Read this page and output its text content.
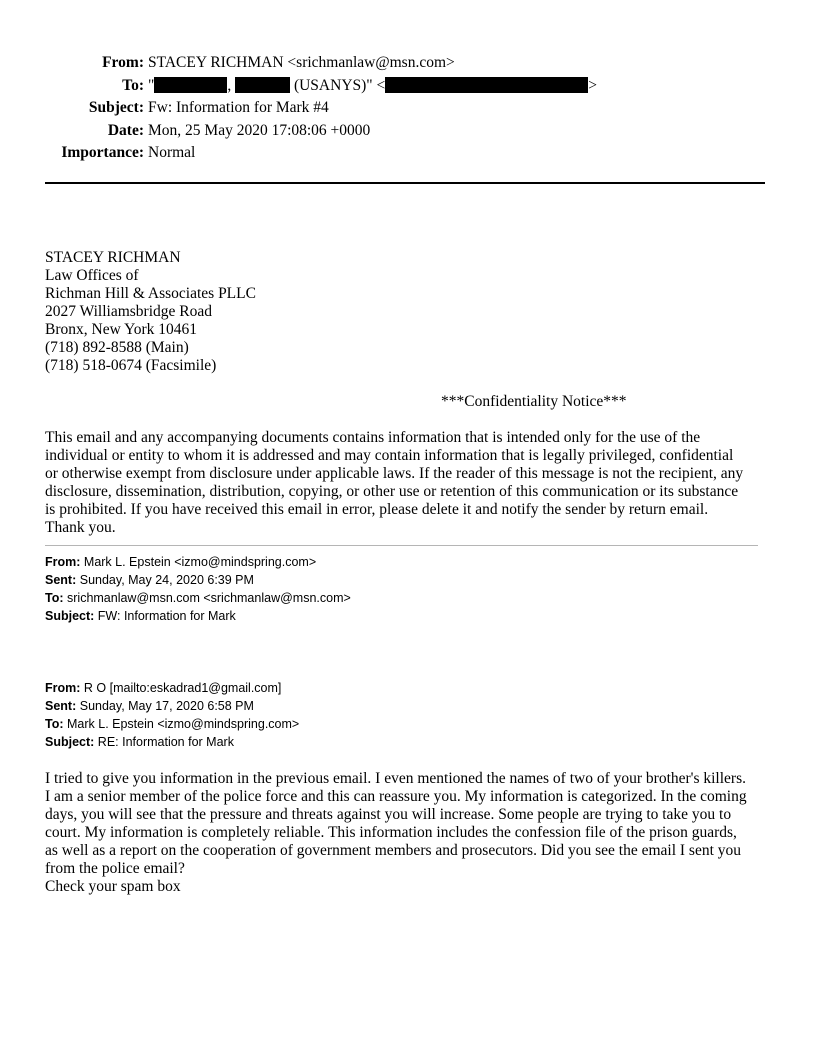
From: STACEY RICHMAN <srichmanlaw@msn.com>
To: "	,	(USANYS)" <	>
Subject: Fw: Information for Mark #4
Date: Mon, 25 May 2020 17:08:06 +0000
Importance: Normal
STACEY RICHMAN
Law Offices of
Richman Hill & Associates PLLC
2027 Williamsbridge Road
Bronx, New York 10461
(718) 892-8588 (Main)
(718) 518-0674 (Facsimile)
***Confidentiality Notice***
This email and any accompanying documents contains information that is intended only for the use of the
individual or entity to whom it is addressed and may contain information that is legally privileged, confidential
or otherwise exempt from disclosure under applicable laws. If the reader of this message is not the recipient, any
disclosure, dissemination, distribution, copying, or other use or retention of this communication or its substance
is prohibited. If you have received this email in error, please delete it and notify the sender by return email.
Thank you.
From: Mark L. Epstein <izmo@mindspring.com>
Sent: Sunday, May 24, 2020 6:39 PM
To: srichmanlaw@msn.com <srichmanlaw@msn.com>
Subject: FW: Information for Mark
From: R O [mailto:eskadrad1@gmail.com]
Sent: Sunday, May 17, 2020 6:58 PM
To: Mark L. Epstein <izmo@mindspring.com>
Subject: RE: Information for Mark
I tried to give you information in the previous email. I even mentioned the names of two of your brother's killers.
I am a senior member of the police force and this can reassure you. My information is categorized. In the coming
days, you will see that the pressure and threats against you will increase. Some people are trying to take you to
court. My information is completely reliable. This information includes the confession file of the prison guards,
as well as a report on the cooperation of government members and prosecutors. Did you see the email I sent you
from the police email?
Check your spam box
